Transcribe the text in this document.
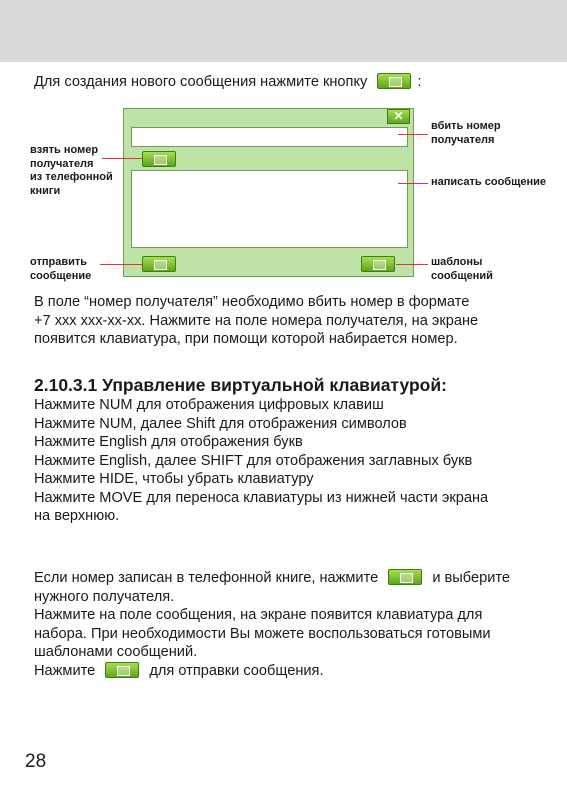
Для создания нового сообщения нажмите кнопку	:
✕
взять номер
получателя
из телефонной
книги
отправить
сообщение
вбить номер
получателя
написать сообщение
шаблоны
сообщений
В поле “номер получателя” необходимо вбить номер в формате
+7 ххх ххх-хх-хх. Нажмите на поле номера получателя, на экране
появится клавиатура, при помощи которой набирается номер.
2.10.3.1 Управление виртуальной клавиатурой:
Нажмите NUM для отображения цифровых клавиш
Нажмите NUM, далее Shift для отображения символов
Нажмите English для отображения букв
Нажмите English, далее SHIFT для отображения заглавных букв
Нажмите HIDE, чтобы убрать клавиатуру
Нажмите MOVE для переноса клавиатуры из нижней части экрана
на верхнюю.
Если номер записан в телефонной книге, нажмите	и выберите
нужного получателя.
Нажмите на поле сообщения, на экране появится клавиатура для
набора. При необходимости Вы можете воспользоваться готовыми
шаблонами сообщений.
Нажмите	для отправки сообщения.
28
